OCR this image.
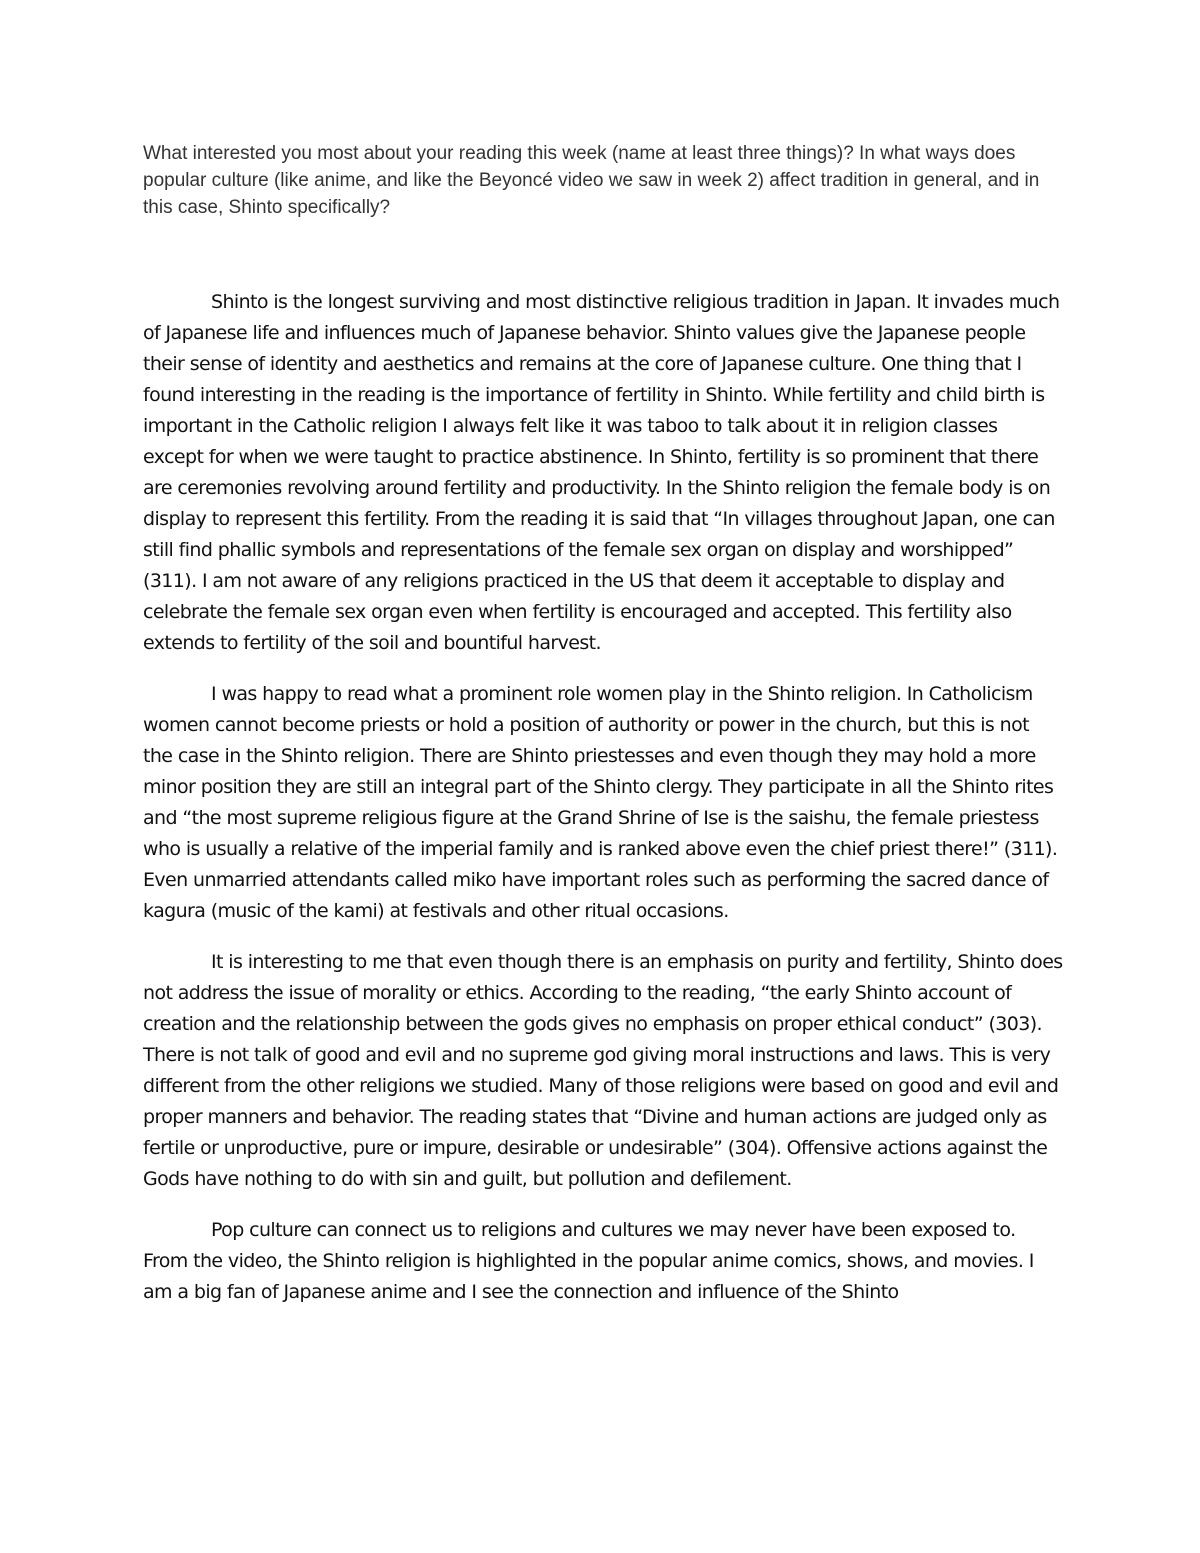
What interested you most about your reading this week (name at least three things)? In what ways does popular culture (like anime, and like the Beyoncé video we saw in week 2) affect tradition in general, and in this case, Shinto specifically?

Shinto is the longest surviving and most distinctive religious tradition in Japan. It invades much of Japanese life and influences much of Japanese behavior. Shinto values give the Japanese people their sense of identity and aesthetics and remains at the core of Japanese culture. One thing that I found interesting in the reading is the importance of fertility in Shinto. While fertility and child birth is important in the Catholic religion I always felt like it was taboo to talk about it in religion classes except for when we were taught to practice abstinence. In Shinto, fertility is so prominent that there are ceremonies revolving around fertility and productivity. In the Shinto religion the female body is on display to represent this fertility. From the reading it is said that “In villages throughout Japan, one can still find phallic symbols and representations of the female sex organ on display and worshipped” (311). I am not aware of any religions practiced in the US that deem it acceptable to display and celebrate the female sex organ even when fertility is encouraged and accepted. This fertility also extends to fertility of the soil and bountiful harvest.

I was happy to read what a prominent role women play in the Shinto religion. In Catholicism women cannot become priests or hold a position of authority or power in the church, but this is not the case in the Shinto religion. There are Shinto priestesses and even though they may hold a more minor position they are still an integral part of the Shinto clergy. They participate in all the Shinto rites and “the most supreme religious figure at the Grand Shrine of Ise is the saishu, the female priestess who is usually a relative of the imperial family and is ranked above even the chief priest there!” (311). Even unmarried attendants called miko have important roles such as performing the sacred dance of kagura (music of the kami) at festivals and other ritual occasions.

It is interesting to me that even though there is an emphasis on purity and fertility, Shinto does not address the issue of morality or ethics. According to the reading, “the early Shinto account of creation and the relationship between the gods gives no emphasis on proper ethical conduct” (303). There is not talk of good and evil and no supreme god giving moral instructions and laws. This is very different from the other religions we studied. Many of those religions were based on good and evil and proper manners and behavior. The reading states that “Divine and human actions are judged only as fertile or unproductive, pure or impure, desirable or undesirable” (304). Offensive actions against the Gods have nothing to do with sin and guilt, but pollution and defilement.

Pop culture can connect us to religions and cultures we may never have been exposed to. From the video, the Shinto religion is highlighted in the popular anime comics, shows, and movies. I am a big fan of Japanese anime and I see the connection and influence of the Shinto
